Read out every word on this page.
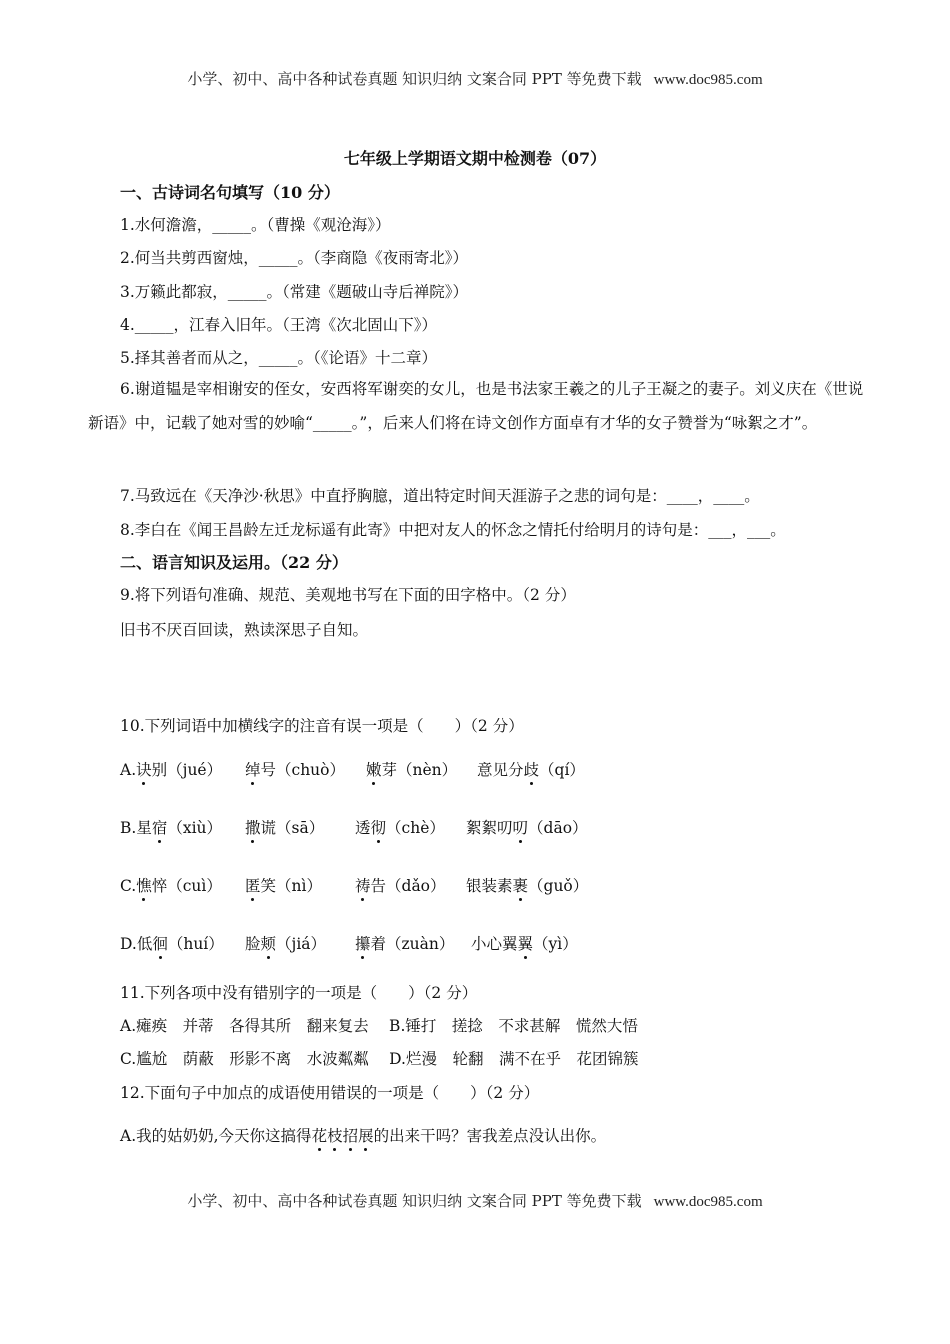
小学、初中、高中各种试卷真题 知识归纳 文案合同 PPT 等免费下载 www.doc985.com
七年级上学期语文期中检测卷（07）
一、古诗词名句填写（10 分）
1.水何澹澹，_____。（曹操《观沧海》）
2.何当共剪西窗烛，_____。（李商隐《夜雨寄北》）
3.万籁此都寂，_____。（常建《题破山寺后禅院》）
4._____，江春入旧年。（王湾《次北固山下》）
5.择其善者而从之，_____。（《论语》十二章）
6.谢道韫是宰相谢安的侄女，安西将军谢奕的女儿，也是书法家王羲之的儿子王凝之的妻子。刘义庆在《世说新语》中，记载了她对雪的妙喻“_____。”，后来人们将在诗文创作方面卓有才华的女子赞誉为“咏絮之才”。
7.马致远在《天净沙·秋思》中直抒胸臆，道出特定时间天涯游子之悲的词句是：____，____。
8.李白在《闻王昌龄左迁龙标遥有此寄》中把对友人的怀念之情托付给明月的诗句是：___，___。
二、语言知识及运用。（22 分）
9.将下列语句准确、规范、美观地书写在下面的田字格中。（2 分）
旧书不厌百回读，熟读深思子自知。
10.下列词语中加横线字的注音有误一项是（　　）（2 分）
A.诀别（jué） 绰号（chuò） 嫩芽（nèn） 意见分歧（qí）
B.星宿（xiù） 撒谎（sā） 透彻（chè） 絮絮叨叨（dāo）
C.憔悴（cuì） 匿笑（nì） 祷告（dǎo） 银装素裹（guǒ）
D.低徊（huí） 脸颊（jiá） 攥着（zuàn） 小心翼翼（yì）
11.下列各项中没有错别字的一项是（　　）（2 分）
A.瘫痪　并蒂　各得其所　翻来复去　 B.锤打　搓捻　不求甚解　慌然大悟
C.尴尬　荫蔽　形影不离　水波粼粼　 D.烂漫　轮翻　满不在乎　花团锦簇
12.下面句子中加点的成语使用错误的一项是（　　）（2 分）
A.我的姑奶奶,今天你这搞得花枝招展的出来干吗？害我差点没认出你。
小学、初中、高中各种试卷真题 知识归纳 文案合同 PPT 等免费下载 www.doc985.com
